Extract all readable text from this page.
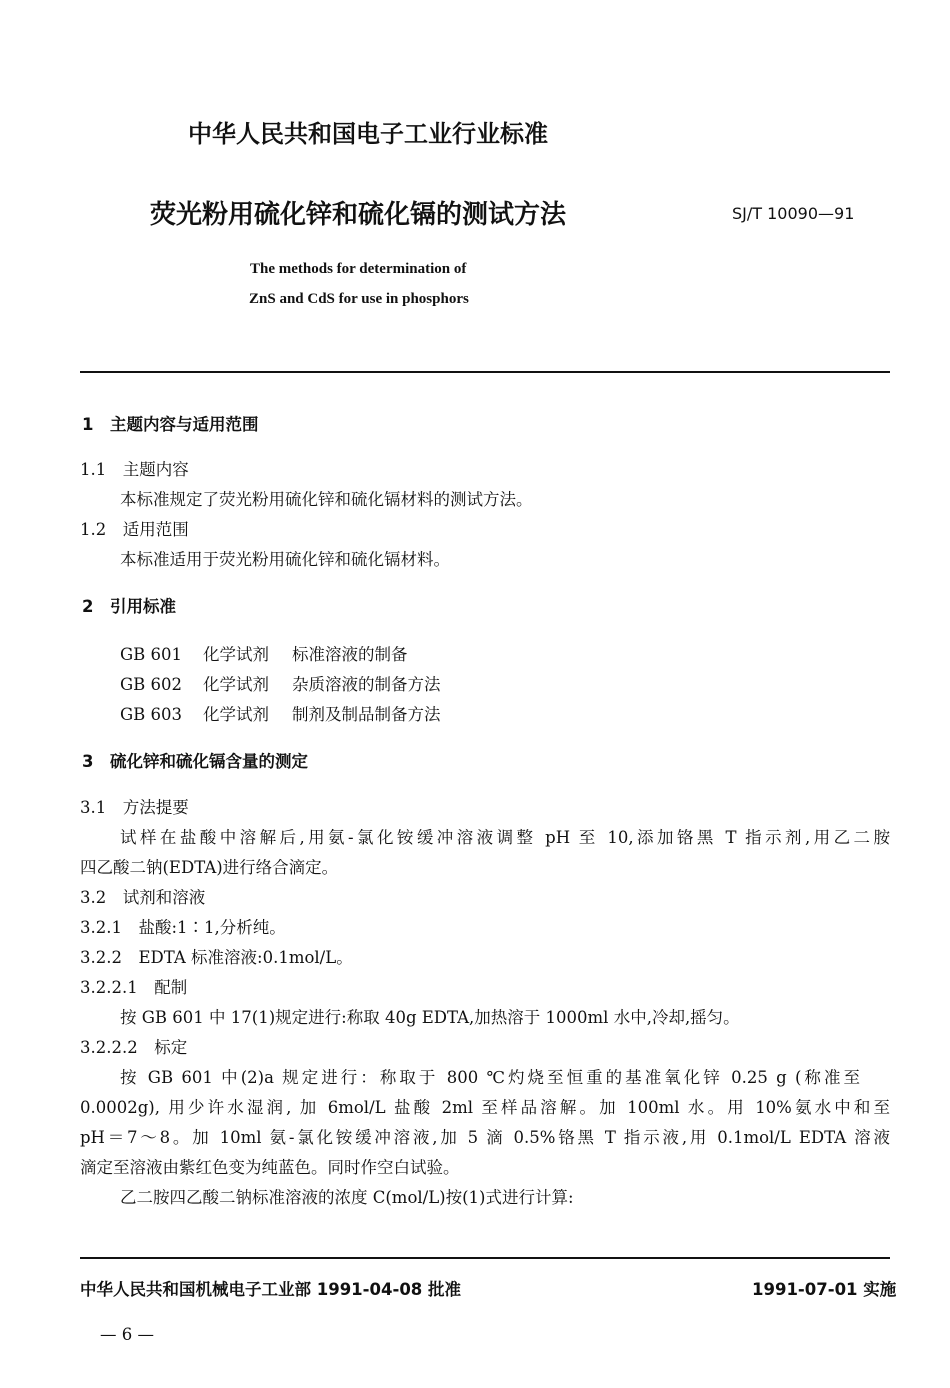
中华人民共和国电子工业行业标准
荧光粉用硫化锌和硫化镉的测试方法	SJ/T 10090—91
The methods for determination of
ZnS and CdS for use in phosphors
1　主题内容与适用范围
1.1　主题内容
本标准规定了荧光粉用硫化锌和硫化镉材料的测试方法。
1.2　适用范围
本标准适用于荧光粉用硫化锌和硫化镉材料。
2　引用标准
GB 601 化学试剂 标准溶液的制备
GB 602 化学试剂 杂质溶液的制备方法
GB 603 化学试剂 制剂及制品制备方法
3　硫化锌和硫化镉含量的测定
3.1　方法提要
试样在盐酸中溶解后,用氨-氯化铵缓冲溶液调整 pH 至 10,添加铬黑 T 指示剂,用乙二胺
四乙酸二钠(EDTA)进行络合滴定。
3.2　试剂和溶液
3.2.1　盐酸:1∶1,分析纯。
3.2.2　EDTA 标准溶液:0.1mol/L。
3.2.2.1　配制
按 GB 601 中 17(1)规定进行:称取 40g EDTA,加热溶于 1000ml 水中,冷却,摇匀。
3.2.2.2　标定
按 GB 601 中(2)a 规定进行：称取于 800 ℃灼烧至恒重的基准氧化锌 0.25 g (称准至
0.0002g), 用少许水湿润, 加 6mol/L 盐酸 2ml 至样品溶解。加 100ml 水。用 10%氨水中和至
pH＝7～8。加 10ml 氨-氯化铵缓冲溶液,加 5 滴 0.5%铬黑 T 指示液,用 0.1mol/L EDTA 溶液
滴定至溶液由紫红色变为纯蓝色。同时作空白试验。
乙二胺四乙酸二钠标准溶液的浓度 C(mol/L)按(1)式进行计算:
中华人民共和国机械电子工业部 1991-04-08 批准	1991-07-01 实施
— 6 —
